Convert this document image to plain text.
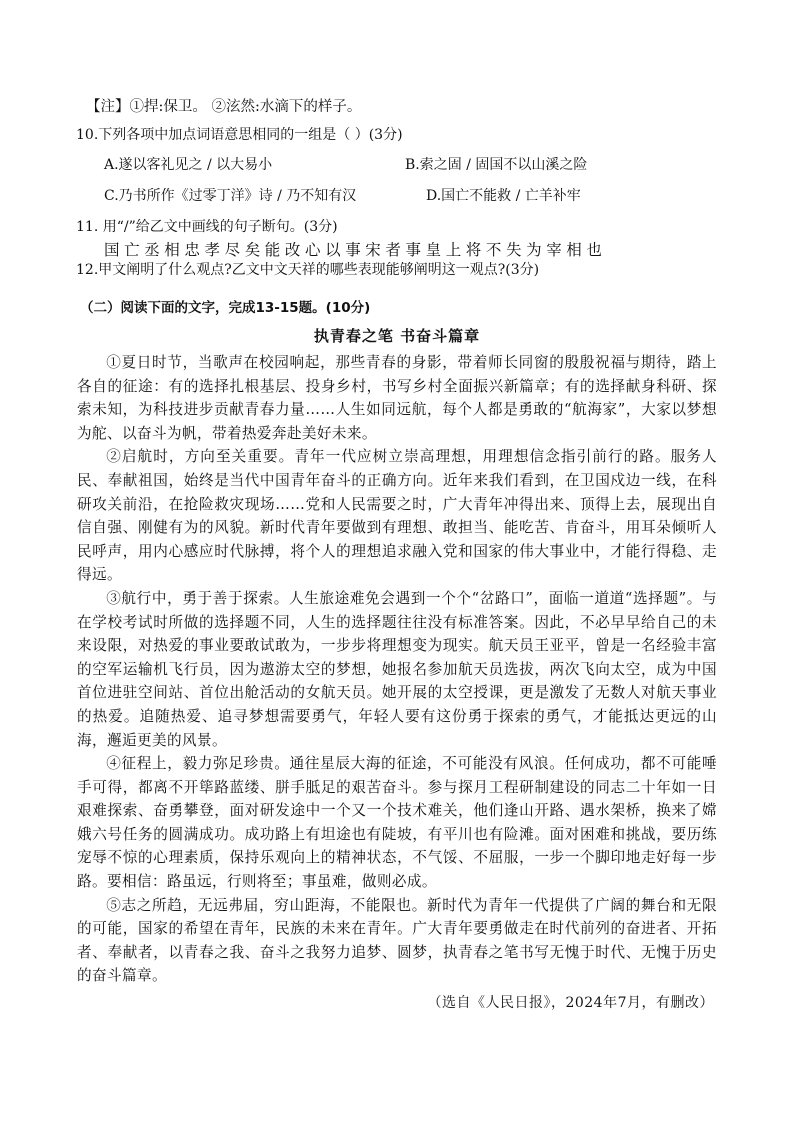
【注】①捍:保卫。 ②泫然:水滴下的样子。
10.下列各项中加点词语意思相同的一组是（ ）(3分)
A.遂以客礼见之 / 以大易小	B.索之固 / 固国不以山溪之险
C.乃书所作《过零丁洋》诗 / 乃不知有汉	D.国亡不能救 / 亡羊补牢
11. 用“/”给乙文中画线的句子断句。(3分)
国亡丞相忠孝尽矣能改心以事宋者事皇上将不失为宰相也
12.甲文阐明了什么观点?乙文中文天祥的哪些表现能够阐明这一观点?(3分)
（二）阅读下面的文字，完成13-15题。(10分)
执青春之笔 书奋斗篇章

①夏日时节，当歌声在校园响起，那些青春的身影，带着师长同窗的殷殷祝福与期待，踏上各自的征途：有的选择扎根基层、投身乡村，书写乡村全面振兴新篇章；有的选择献身科研、探索未知，为科技进步贡献青春力量……人生如同远航，每个人都是勇敢的“航海家”，大家以梦想为舵、以奋斗为帆，带着热爱奔赴美好未来。

②启航时，方向至关重要。青年一代应树立崇高理想，用理想信念指引前行的路。服务人民、奉献祖国，始终是当代中国青年奋斗的正确方向。近年来我们看到，在卫国戍边一线，在科研攻关前沿，在抢险救灾现场……党和人民需要之时，广大青年冲得出来、顶得上去，展现出自信自强、刚健有为的风貌。新时代青年要做到有理想、敢担当、能吃苦、肯奋斗，用耳朵倾听人民呼声，用内心感应时代脉搏，将个人的理想追求融入党和国家的伟大事业中，才能行得稳、走得远。

③航行中，勇于善于探索。人生旅途难免会遇到一个个“岔路口”，面临一道道“选择题”。与在学校考试时所做的选择题不同，人生的选择题往往没有标准答案。因此，不必早早给自己的未来设限，对热爱的事业要敢试敢为，一步步将理想变为现实。航天员王亚平，曾是一名经验丰富的空军运输机飞行员，因为遨游太空的梦想，她报名参加航天员选拔，两次飞向太空，成为中国首位进驻空间站、首位出舱活动的女航天员。她开展的太空授课，更是激发了无数人对航天事业的热爱。追随热爱、追寻梦想需要勇气，年轻人要有这份勇于探索的勇气，才能抵达更远的山海，邂逅更美的风景。

④征程上，毅力弥足珍贵。通往星辰大海的征途，不可能没有风浪。任何成功，都不可能唾手可得，都离不开筚路蓝缕、胼手胝足的艰苦奋斗。参与探月工程研制建设的同志二十年如一日艰难探索、奋勇攀登，面对研发途中一个又一个技术难关，他们逢山开路、遇水架桥，换来了嫦娥六号任务的圆满成功。成功路上有坦途也有陡坡，有平川也有险滩。面对困难和挑战，要历练宠辱不惊的心理素质，保持乐观向上的精神状态，不气馁、不屈服，一步一个脚印地走好每一步路。要相信：路虽远，行则将至；事虽难，做则必成。

⑤志之所趋，无远弗届，穷山距海，不能限也。新时代为青年一代提供了广阔的舞台和无限的可能，国家的希望在青年，民族的未来在青年。广大青年要勇做走在时代前列的奋进者、开拓者、奉献者，以青春之我、奋斗之我努力追梦、圆梦，执青春之笔书写无愧于时代、无愧于历史的奋斗篇章。

（选自《人民日报》，2024年7月，有删改）
